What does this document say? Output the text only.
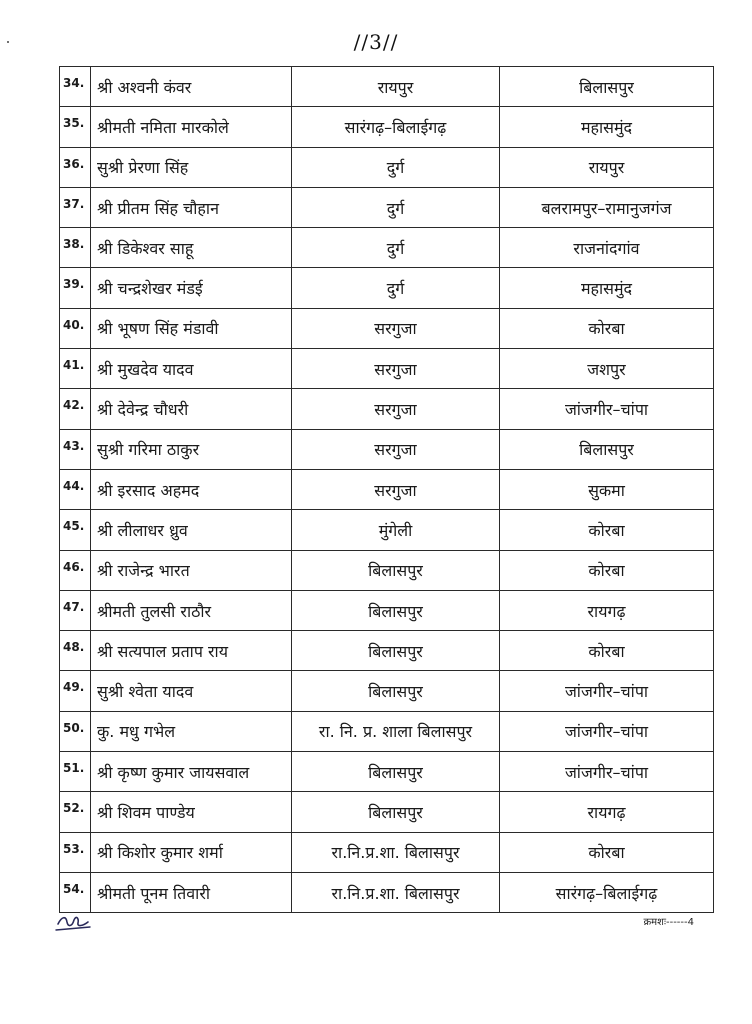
//3//
34.	श्री अश्वनी कंवर	रायपुर	बिलासपुर
35.	श्रीमती नमिता मारकोले	सारंगढ़–बिलाईगढ़	महासमुंद
36.	सुश्री प्रेरणा सिंह	दुर्ग	रायपुर
37.	श्री प्रीतम सिंह चौहान	दुर्ग	बलरामपुर–रामानुजगंज
38.	श्री डिकेश्वर साहू	दुर्ग	राजनांदगांव
39.	श्री चन्द्रशेखर मंडई	दुर्ग	महासमुंद
40.	श्री भूषण सिंह मंडावी	सरगुजा	कोरबा
41.	श्री मुखदेव यादव	सरगुजा	जशपुर
42.	श्री देवेन्द्र चौधरी	सरगुजा	जांजगीर–चांपा
43.	सुश्री गरिमा ठाकुर	सरगुजा	बिलासपुर
44.	श्री इरसाद अहमद	सरगुजा	सुकमा
45.	श्री लीलाधर ध्रुव	मुंगेली	कोरबा
46.	श्री राजेन्द्र भारत	बिलासपुर	कोरबा
47.	श्रीमती तुलसी राठौर	बिलासपुर	रायगढ़
48.	श्री सत्यपाल प्रताप राय	बिलासपुर	कोरबा
49.	सुश्री श्वेता यादव	बिलासपुर	जांजगीर–चांपा
50.	कु. मधु गभेल	रा. नि. प्र. शाला बिलासपुर	जांजगीर–चांपा
51.	श्री कृष्ण कुमार जायसवाल	बिलासपुर	जांजगीर–चांपा
52.	श्री शिवम पाण्डेय	बिलासपुर	रायगढ़
53.	श्री किशोर कुमार शर्मा	रा.नि.प्र.शा. बिलासपुर	कोरबा
54.	श्रीमती पूनम तिवारी	रा.नि.प्र.शा. बिलासपुर	सारंगढ़–बिलाईगढ़
क्रमशः------4
